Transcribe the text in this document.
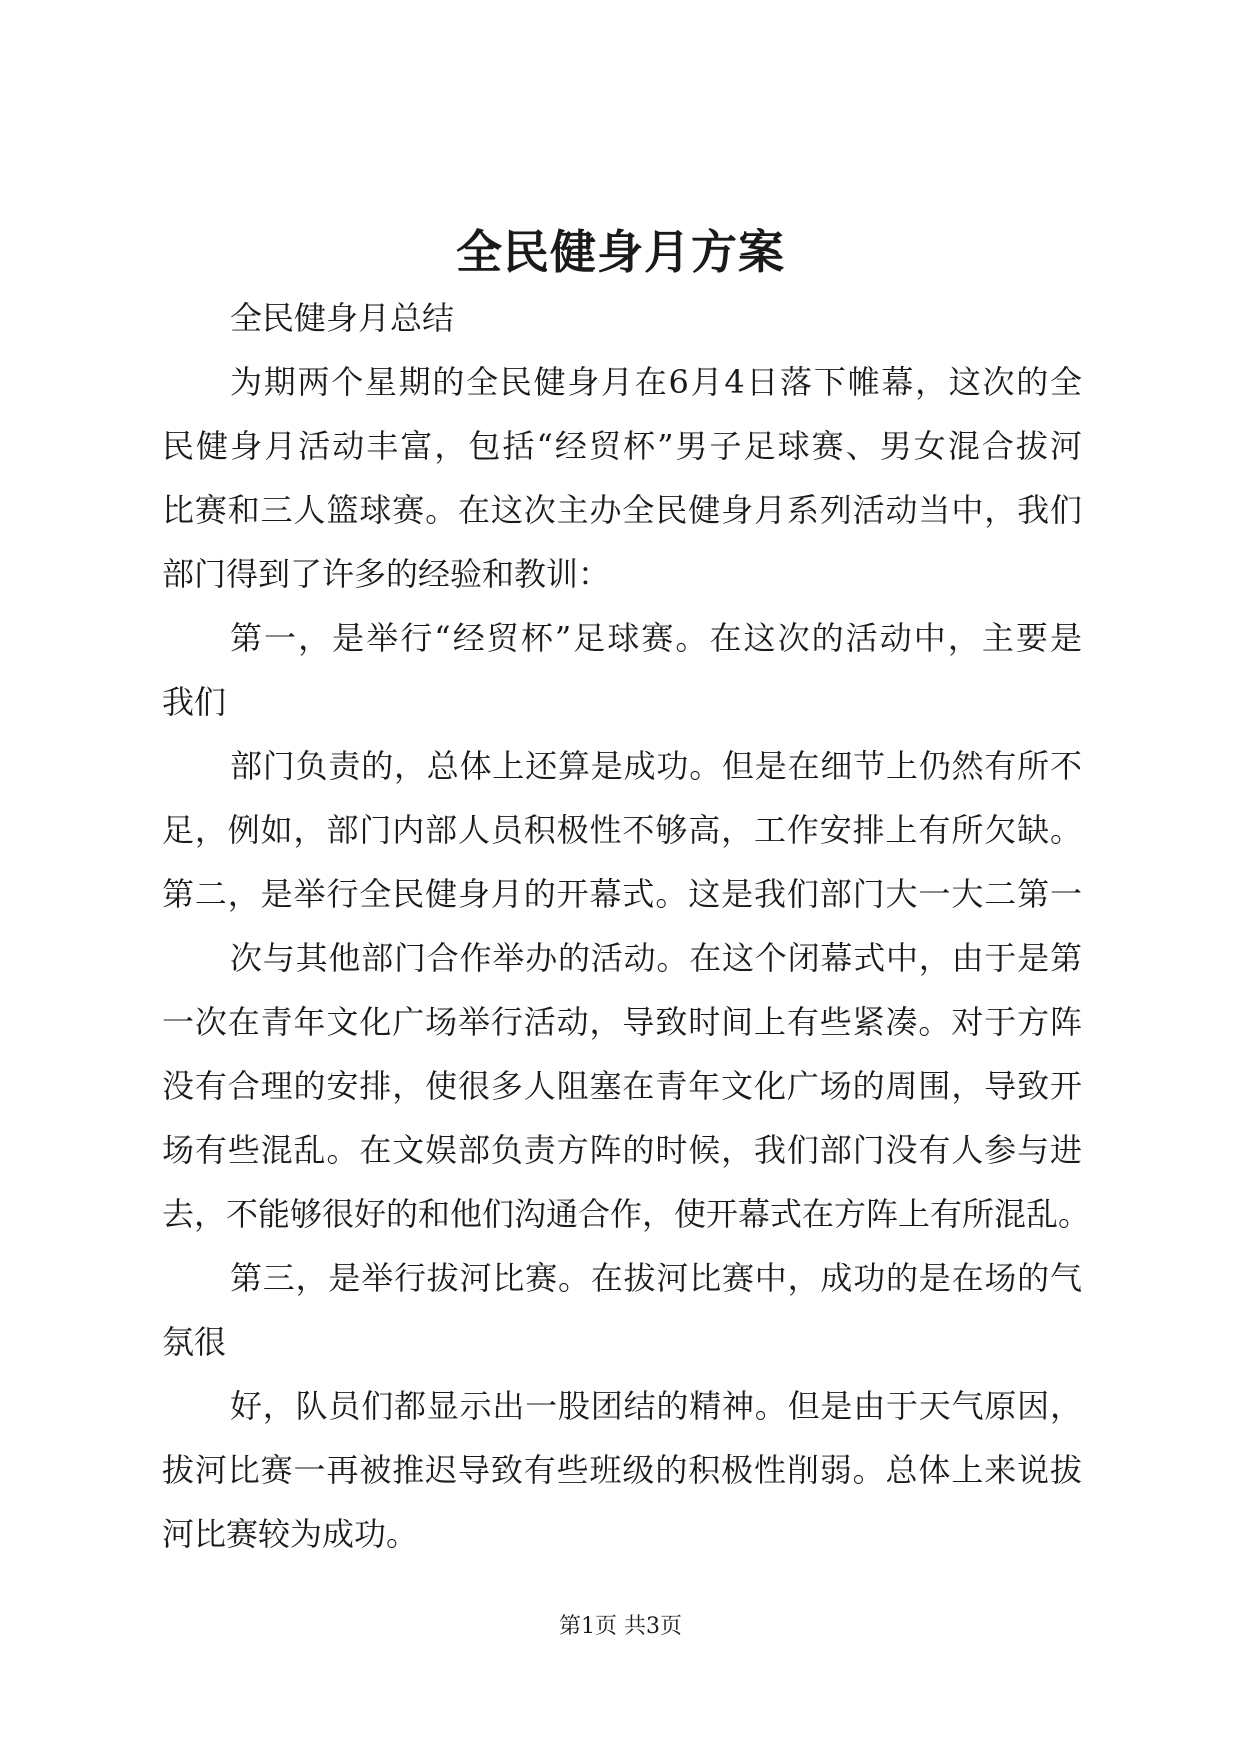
全民健身月方案
全民健身月总结
为期两个星期的全民健身月在6月4日落下帷幕，这次的全
民健身月活动丰富，包括“经贸杯”男子足球赛、男女混合拔河
比赛和三人篮球赛。在这次主办全民健身月系列活动当中，我们
部门得到了许多的经验和教训：
第一，是举行“经贸杯”足球赛。在这次的活动中，主要是
我们
部门负责的，总体上还算是成功。但是在细节上仍然有所不
足，例如，部门内部人员积极性不够高，工作安排上有所欠缺。
第二，是举行全民健身月的开幕式。这是我们部门大一大二第一
次与其他部门合作举办的活动。在这个闭幕式中，由于是第
一次在青年文化广场举行活动，导致时间上有些紧凑。对于方阵
没有合理的安排，使很多人阻塞在青年文化广场的周围，导致开
场有些混乱。在文娱部负责方阵的时候，我们部门没有人参与进
去，不能够很好的和他们沟通合作，使开幕式在方阵上有所混乱。
第三，是举行拔河比赛。在拔河比赛中，成功的是在场的气
氛很
好，队员们都显示出一股团结的精神。但是由于天气原因，
拔河比赛一再被推迟导致有些班级的积极性削弱。总体上来说拔
河比赛较为成功。
第1页 共3页
